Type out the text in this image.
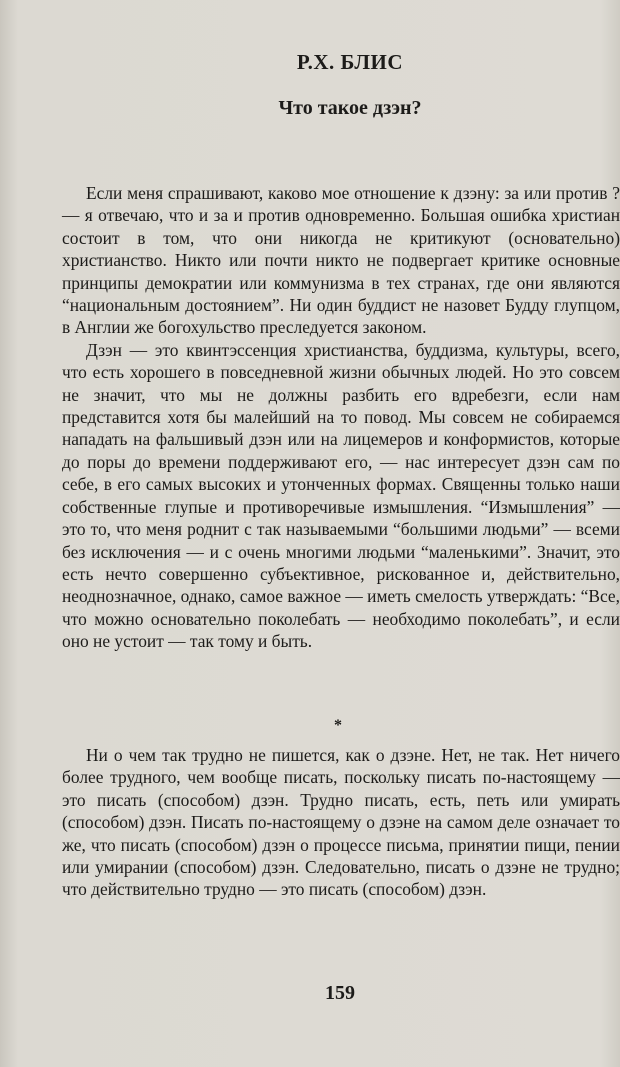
Р.Х. БЛИС
Что такое дзэн?

Если меня спрашивают, каково мое отношение к дзэну: за или против ? — я отвечаю, что и за и против одновременно. Большая ошибка христиан состоит в том, что они никогда не критикуют (основательно) христианство. Никто или почти никто не подвергает критике основные принципы демократии или коммунизма в тех странах, где они являются “национальным достоянием”. Ни один буддист не назовет Будду глупцом, в Англии же богохульство преследуется законом.

Дзэн — это квинтэссенция христианства, буддизма, культуры, всего, что есть хорошего в повседневной жизни обычных людей. Но это совсем не значит, что мы не должны разбить его вдребезги, если нам представится хотя бы малейший на то повод. Мы совсем не собираемся нападать на фальшивый дзэн или на лицемеров и конформистов, которые до поры до времени поддерживают его, — нас интересует дзэн сам по себе, в его самых высоких и утонченных формах. Священны только наши собственные глупые и противоречивые измышления. “Измышления” — это то, что меня роднит с так называемыми “большими людьми” — всеми без исключения — и с очень многими людьми “маленькими”. Значит, это есть нечто совершенно субъективное, рискованное и, действительно, неоднозначное, однако, самое важное — иметь смелость утверждать: “Все, что можно основательно поколебать — необходимо поколебать”, и если оно не устоит — так тому и быть.

*

Ни о чем так трудно не пишется, как о дзэне. Нет, не так. Нет ничего более трудного, чем вообще писать, поскольку писать по-настоящему — это писать (способом) дзэн. Трудно писать, есть, петь или умирать (способом) дзэн. Писать по-настоящему о дзэне на самом деле означает то же, что писать (способом) дзэн о процессе письма, принятии пищи, пении или умирании (способом) дзэн. Следовательно, писать о дзэне не трудно; что действительно трудно — это писать (способом) дзэн.

159
